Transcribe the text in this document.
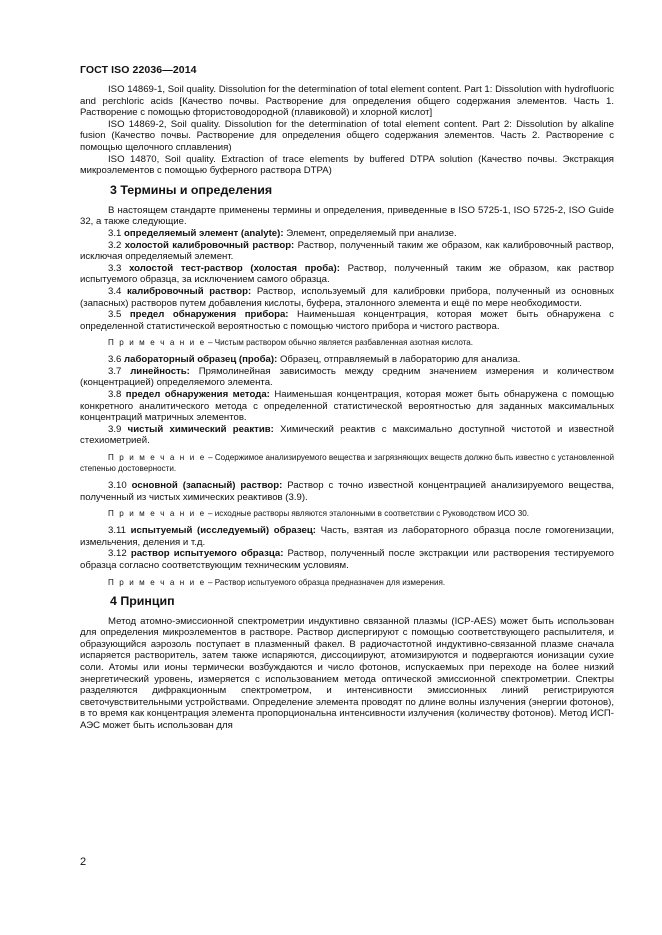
ГОСТ ISO 22036—2014

ISO 14869-1, Soil quality. Dissolution for the determination of total element content. Part 1: Dissolution with hydrofluoric and perchloric acids [Качество почвы. Растворение для определения общего содержания элементов. Часть 1. Растворение с помощью фтористоводородной (плавиковой) и хлорной кислот]

ISO 14869-2, Soil quality. Dissolution for the determination of total element content. Part 2: Dissolution by alkaline fusion (Качество почвы. Растворение для определения общего содержания элементов. Часть 2. Растворение с помощью щелочного сплавления)

ISO 14870, Soil quality. Extraction of trace elements by buffered DTPA solution (Качество почвы. Экстракция микроэлементов с помощью буферного раствора DTPA)

3 Термины и определения

В настоящем стандарте применены термины и определения, приведенные в ISO 5725-1, ISO 5725-2, ISO Guide 32, а также следующие.

3.1 определяемый элемент (analyte): Элемент, определяемый при анализе.

3.2 холостой калибровочный раствор: Раствор, полученный таким же образом, как калибровочный раствор, исключая определяемый элемент.

3.3 холостой тест-раствор (холостая проба): Раствор, полученный таким же образом, как раствор испытуемого образца, за исключением самого образца.

3.4 калибровочный раствор: Раствор, используемый для калибровки прибора, полученный из основных (запасных) растворов путем добавления кислоты, буфера, эталонного элемента и ещё по мере необходимости.

3.5 предел обнаружения прибора: Наименьшая концентрация, которая может быть обнаружена с определенной статистической вероятностью с помощью чистого прибора и чистого раствора.

П р и м е ч а н и е – Чистым раствором обычно является разбавленная азотная кислота.

3.6 лабораторный образец (проба): Образец, отправляемый в лабораторию для анализа.

3.7 линейность: Прямолинейная зависимость между средним значением измерения и количеством (концентрацией) определяемого элемента.

3.8 предел обнаружения метода: Наименьшая концентрация, которая может быть обнаружена с помощью конкретного аналитического метода с определенной статистической вероятностью для заданных максимальных концентраций матричных элементов.

3.9 чистый химический реактив: Химический реактив с максимально доступной чистотой и известной стехиометрией.

П р и м е ч а н и е – Содержимое анализируемого вещества и загрязняющих веществ должно быть известно с установленной степенью достоверности.

3.10 основной (запасный) раствор: Раствор с точно известной концентрацией анализируемого вещества, полученный из чистых химических реактивов (3.9).

П р и м е ч а н и е – исходные растворы являются эталонными в соответствии с Руководством ИСО 30.

3.11 испытуемый (исследуемый) образец: Часть, взятая из лабораторного образца после гомогенизации, измельчения, деления и т.д.

3.12 раствор испытуемого образца: Раствор, полученный после экстракции или растворения тестируемого образца согласно соответствующим техническим условиям.

П р и м е ч а н и е – Раствор испытуемого образца предназначен для измерения.

4 Принцип

Метод атомно-эмиссионной спектрометрии индуктивно связанной плазмы (ICP-AES) может быть использован для определения микроэлементов в растворе. Раствор диспергируют с помощью соответствующего распылителя, и образующийся аэрозоль поступает в плазменный факел. В радиочастотной индуктивно-связанной плазме сначала испаряется растворитель, затем также испаряются, диссоциируют, атомизируются и подвергаются ионизации сухие соли. Атомы или ионы термически возбуждаются и число фотонов, испускаемых при переходе на более низкий энергетический уровень, измеряется с использованием метода оптической эмиссионной спектрометрии. Спектры разделяются дифракционным спектрометром, и интенсивности эмиссионных линий регистрируются светочувствительными устройствами. Определение элемента проводят по длине волны излучения (энергии фотонов), в то время как концентрация элемента пропорциональна интенсивности излучения (количеству фотонов). Метод ИСП-АЭС может быть использован для

2
